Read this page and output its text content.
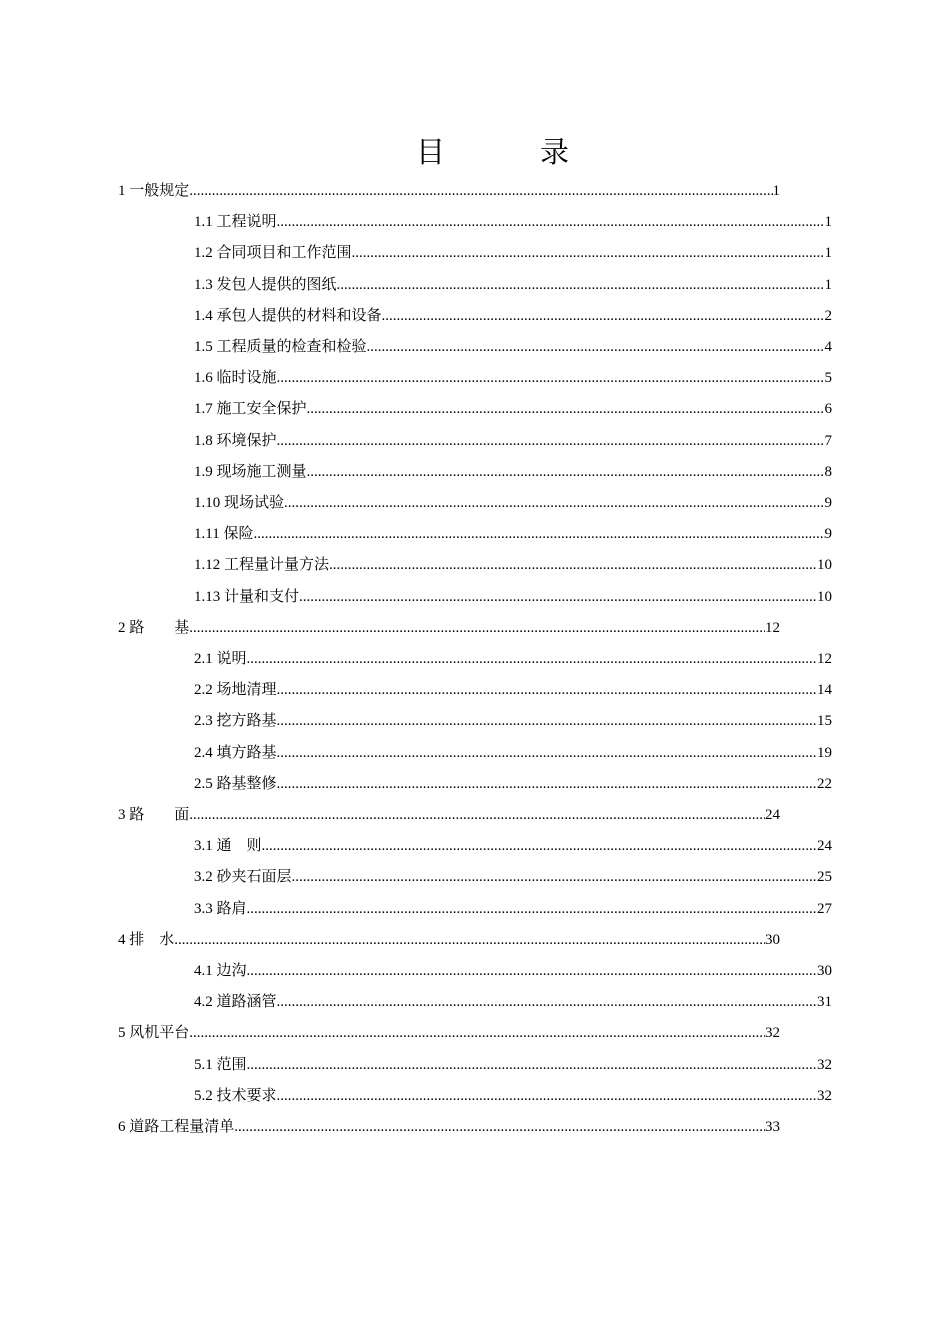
目　录
1 一般规定 .....	1
1.1 工程说明 .....	1
1.2 合同项目和工作范围 .....	1
1.3 发包人提供的图纸 .....	1
1.4 承包人提供的材料和设备 .....	2
1.5 工程质量的检查和检验 .....	4
1.6 临时设施 .....	5
1.7 施工安全保护 .....	6
1.8 环境保护 .....	7
1.9 现场施工测量 .....	8
1.10 现场试验 .....	9
1.11 保险 .....	9
1.12 工程量计量方法 .....	10
1.13 计量和支付 .....	10
2 路　　基 .....	12
2.1 说明 .....	12
2.2 场地清理 .....	14
2.3 挖方路基 .....	15
2.4 填方路基 .....	19
2.5 路基整修 .....	22
3 路　　面 .....	24
3.1 通　则 .....	24
3.2 砂夹石面层 .....	25
3.3 路肩 .....	27
4 排　水 .....	30
4.1 边沟 .....	30
4.2 道路涵管 .....	31
5 风机平台 .....	32
5.1 范围 .....	32
5.2 技术要求 .....	32
6 道路工程量清单 .....	33
